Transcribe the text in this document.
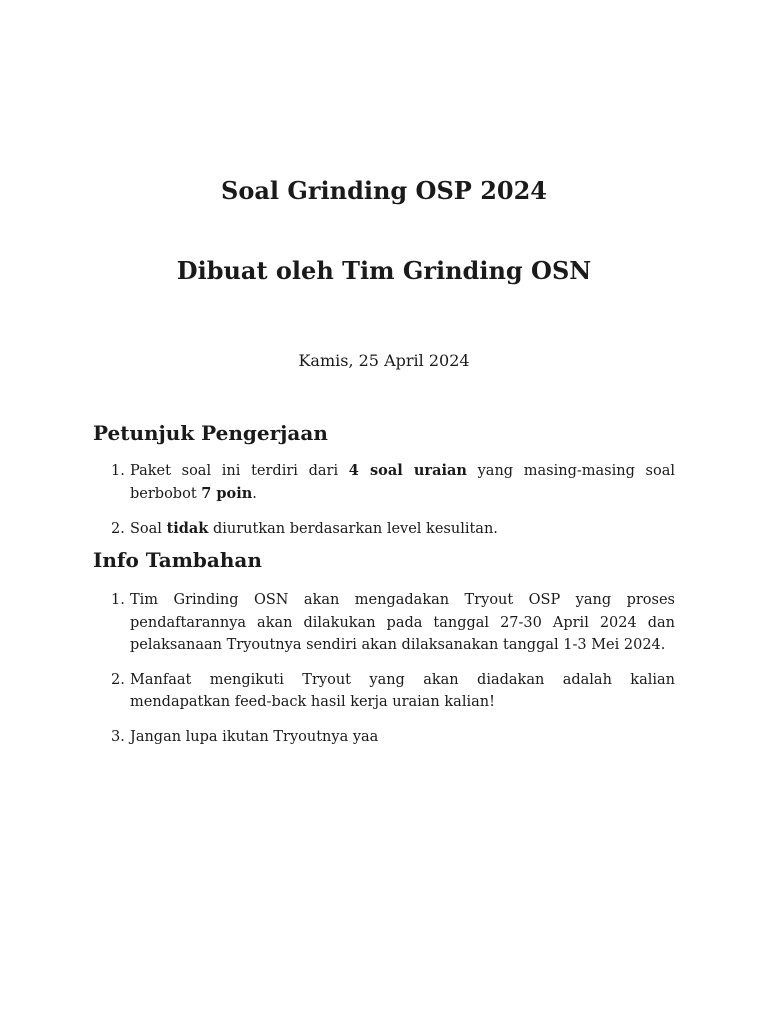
Soal Grinding OSP 2024
Dibuat oleh Tim Grinding OSN
Kamis, 25 April 2024
Petunjuk Pengerjaan
1. Paket soal ini terdiri dari 4 soal uraian yang masing-masing soal berbobot 7 poin.
2. Soal tidak diurutkan berdasarkan level kesulitan.
Info Tambahan
1. Tim Grinding OSN akan mengadakan Tryout OSP yang proses pendaftarannya akan dilakukan pada tanggal 27-30 April 2024 dan pelaksanaan Tryoutnya sendiri akan dilaksanakan tanggal 1-3 Mei 2024.
2. Manfaat mengikuti Tryout yang akan diadakan adalah kalian mendapatkan feed-back hasil kerja uraian kalian!
3. Jangan lupa ikutan Tryoutnya yaa
